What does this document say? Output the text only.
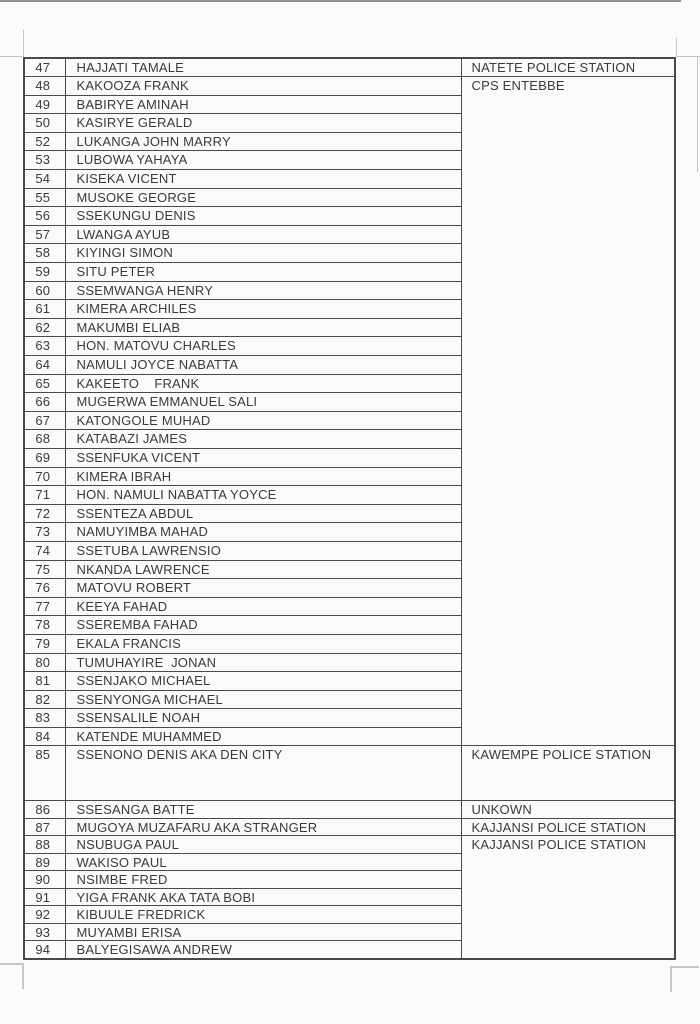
47	HAJJATI TAMALE	NATETE POLICE STATION
48	KAKOOZA FRANK	CPS ENTEBBE
49	BABIRYE AMINAH	
50	KASIRYE GERALD	
52	LUKANGA JOHN MARRY	
53	LUBOWA YAHAYA	
54	KISEKA VICENT	
55	MUSOKE GEORGE	
56	SSEKUNGU DENIS	
57	LWANGA AYUB	
58	KIYINGI SIMON	
59	SITU PETER	
60	SSEMWANGA HENRY	
61	KIMERA ARCHILES	
62	MAKUMBI ELIAB	
63	HON. MATOVU CHARLES	
64	NAMULI JOYCE NABATTA	
65	KAKEETO    FRANK	
66	MUGERWA EMMANUEL SALI	
67	KATONGOLE MUHAD	
68	KATABAZI JAMES	
69	SSENFUKA VICENT	
70	KIMERA IBRAH	
71	HON. NAMULI NABATTA YOYCE	
72	SSENTEZA ABDUL	
73	NAMUYIMBA MAHAD	
74	SSETUBA LAWRENSIO	
75	NKANDA LAWRENCE	
76	MATOVU ROBERT	
77	KEEYA FAHAD	
78	SSEREMBA FAHAD	
79	EKALA FRANCIS	
80	TUMUHAYIRE  JONAN	
81	SSENJAKO MICHAEL	
82	SSENYONGA MICHAEL	
83	SSENSALILE NOAH	
84	KATENDE MUHAMMED	
85	SSENONO DENIS AKA DEN CITY	KAWEMPE POLICE STATION
86	SSESANGA BATTE	UNKOWN
87	MUGOYA MUZAFARU AKA STRANGER	KAJJANSI POLICE STATION
88	NSUBUGA PAUL	KAJJANSI POLICE STATION
89	WAKISO PAUL	
90	NSIMBE FRED	
91	YIGA FRANK AKA TATA BOBI	
92	KIBUULE FREDRICK	
93	MUYAMBI ERISA	
94	BALYEGISAWA ANDREW	
